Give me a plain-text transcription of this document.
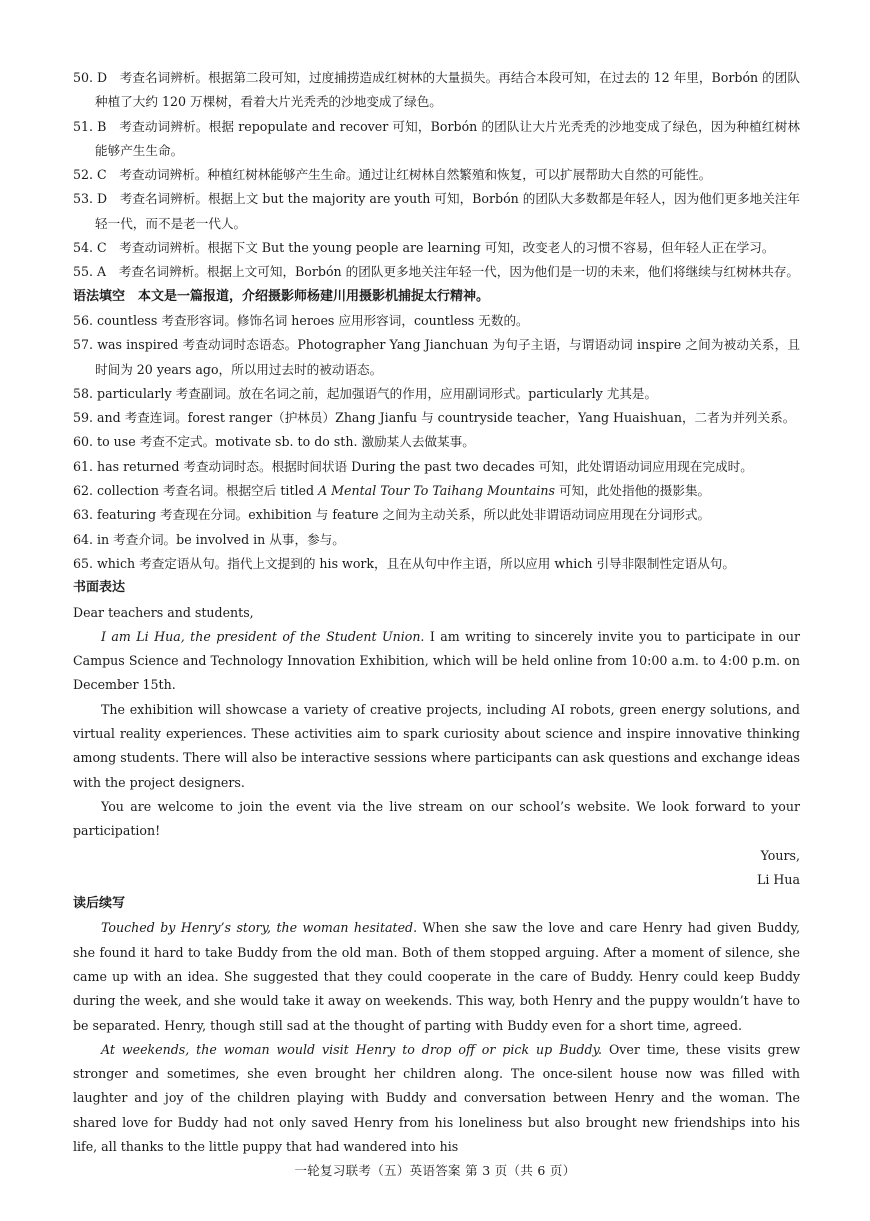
50. D　考查名词辨析。根据第二段可知，过度捕捞造成红树林的大量损失。再结合本段可知，在过去的 12 年里，Borbón 的团队种植了大约 120 万棵树，看着大片光秃秃的沙地变成了绿色。

51. B　考查动词辨析。根据 repopulate and recover 可知，Borbón 的团队让大片光秃秃的沙地变成了绿色，因为种植红树林能够产生生命。

52. C　考查动词辨析。种植红树林能够产生生命。通过让红树林自然繁殖和恢复，可以扩展帮助大自然的可能性。

53. D　考查名词辨析。根据上文 but the majority are youth 可知，Borbón 的团队大多数都是年轻人，因为他们更多地关注年轻一代，而不是老一代人。

54. C　考查动词辨析。根据下文 But the young people are learning 可知，改变老人的习惯不容易，但年轻人正在学习。

55. A　考查名词辨析。根据上文可知，Borbón 的团队更多地关注年轻一代，因为他们是一切的未来，他们将继续与红树林共存。

语法填空　本文是一篇报道，介绍摄影师杨建川用摄影机捕捉太行精神。

56. countless 考查形容词。修饰名词 heroes 应用形容词，countless 无数的。

57. was inspired 考查动词时态语态。Photographer Yang Jianchuan 为句子主语，与谓语动词 inspire 之间为被动关系，且时间为 20 years ago，所以用过去时的被动语态。

58. particularly 考查副词。放在名词之前，起加强语气的作用，应用副词形式。particularly 尤其是。

59. and 考查连词。forest ranger（护林员）Zhang Jianfu 与 countryside teacher，Yang Huaishuan，二者为并列关系。

60. to use 考查不定式。motivate sb. to do sth. 激励某人去做某事。

61. has returned 考查动词时态。根据时间状语 During the past two decades 可知，此处谓语动词应用现在完成时。

62. collection 考查名词。根据空后 titled A Mental Tour To Taihang Mountains 可知，此处指他的摄影集。

63. featuring 考查现在分词。exhibition 与 feature 之间为主动关系，所以此处非谓语动词应用现在分词形式。

64. in 考查介词。be involved in 从事，参与。

65. which 考查定语从句。指代上文提到的 his work，且在从句中作主语，所以应用 which 引导非限制性定语从句。

书面表达

Dear teachers and students,

I am Li Hua, the president of the Student Union. I am writing to sincerely invite you to participate in our Campus Science and Technology Innovation Exhibition, which will be held online from 10:00 a.m. to 4:00 p.m. on December 15th.

The exhibition will showcase a variety of creative projects, including AI robots, green energy solutions, and virtual reality experiences. These activities aim to spark curiosity about science and inspire innovative thinking among students. There will also be interactive sessions where participants can ask questions and exchange ideas with the project designers.

You are welcome to join the event via the live stream on our school’s website. We look forward to your participation!

Yours,

Li Hua

读后续写

Touched by Henry’s story, the woman hesitated. When she saw the love and care Henry had given Buddy, she found it hard to take Buddy from the old man. Both of them stopped arguing. After a moment of silence, she came up with an idea. She suggested that they could cooperate in the care of Buddy. Henry could keep Buddy during the week, and she would take it away on weekends. This way, both Henry and the puppy wouldn’t have to be separated. Henry, though still sad at the thought of parting with Buddy even for a short time, agreed.

At weekends, the woman would visit Henry to drop off or pick up Buddy. Over time, these visits grew stronger and sometimes, she even brought her children along. The once-silent house now was filled with laughter and joy of the children playing with Buddy and conversation between Henry and the woman. The shared love for Buddy had not only saved Henry from his loneliness but also brought new friendships into his life, all thanks to the little puppy that had wandered into his

一轮复习联考（五）英语答案 第 3 页（共 6 页）
